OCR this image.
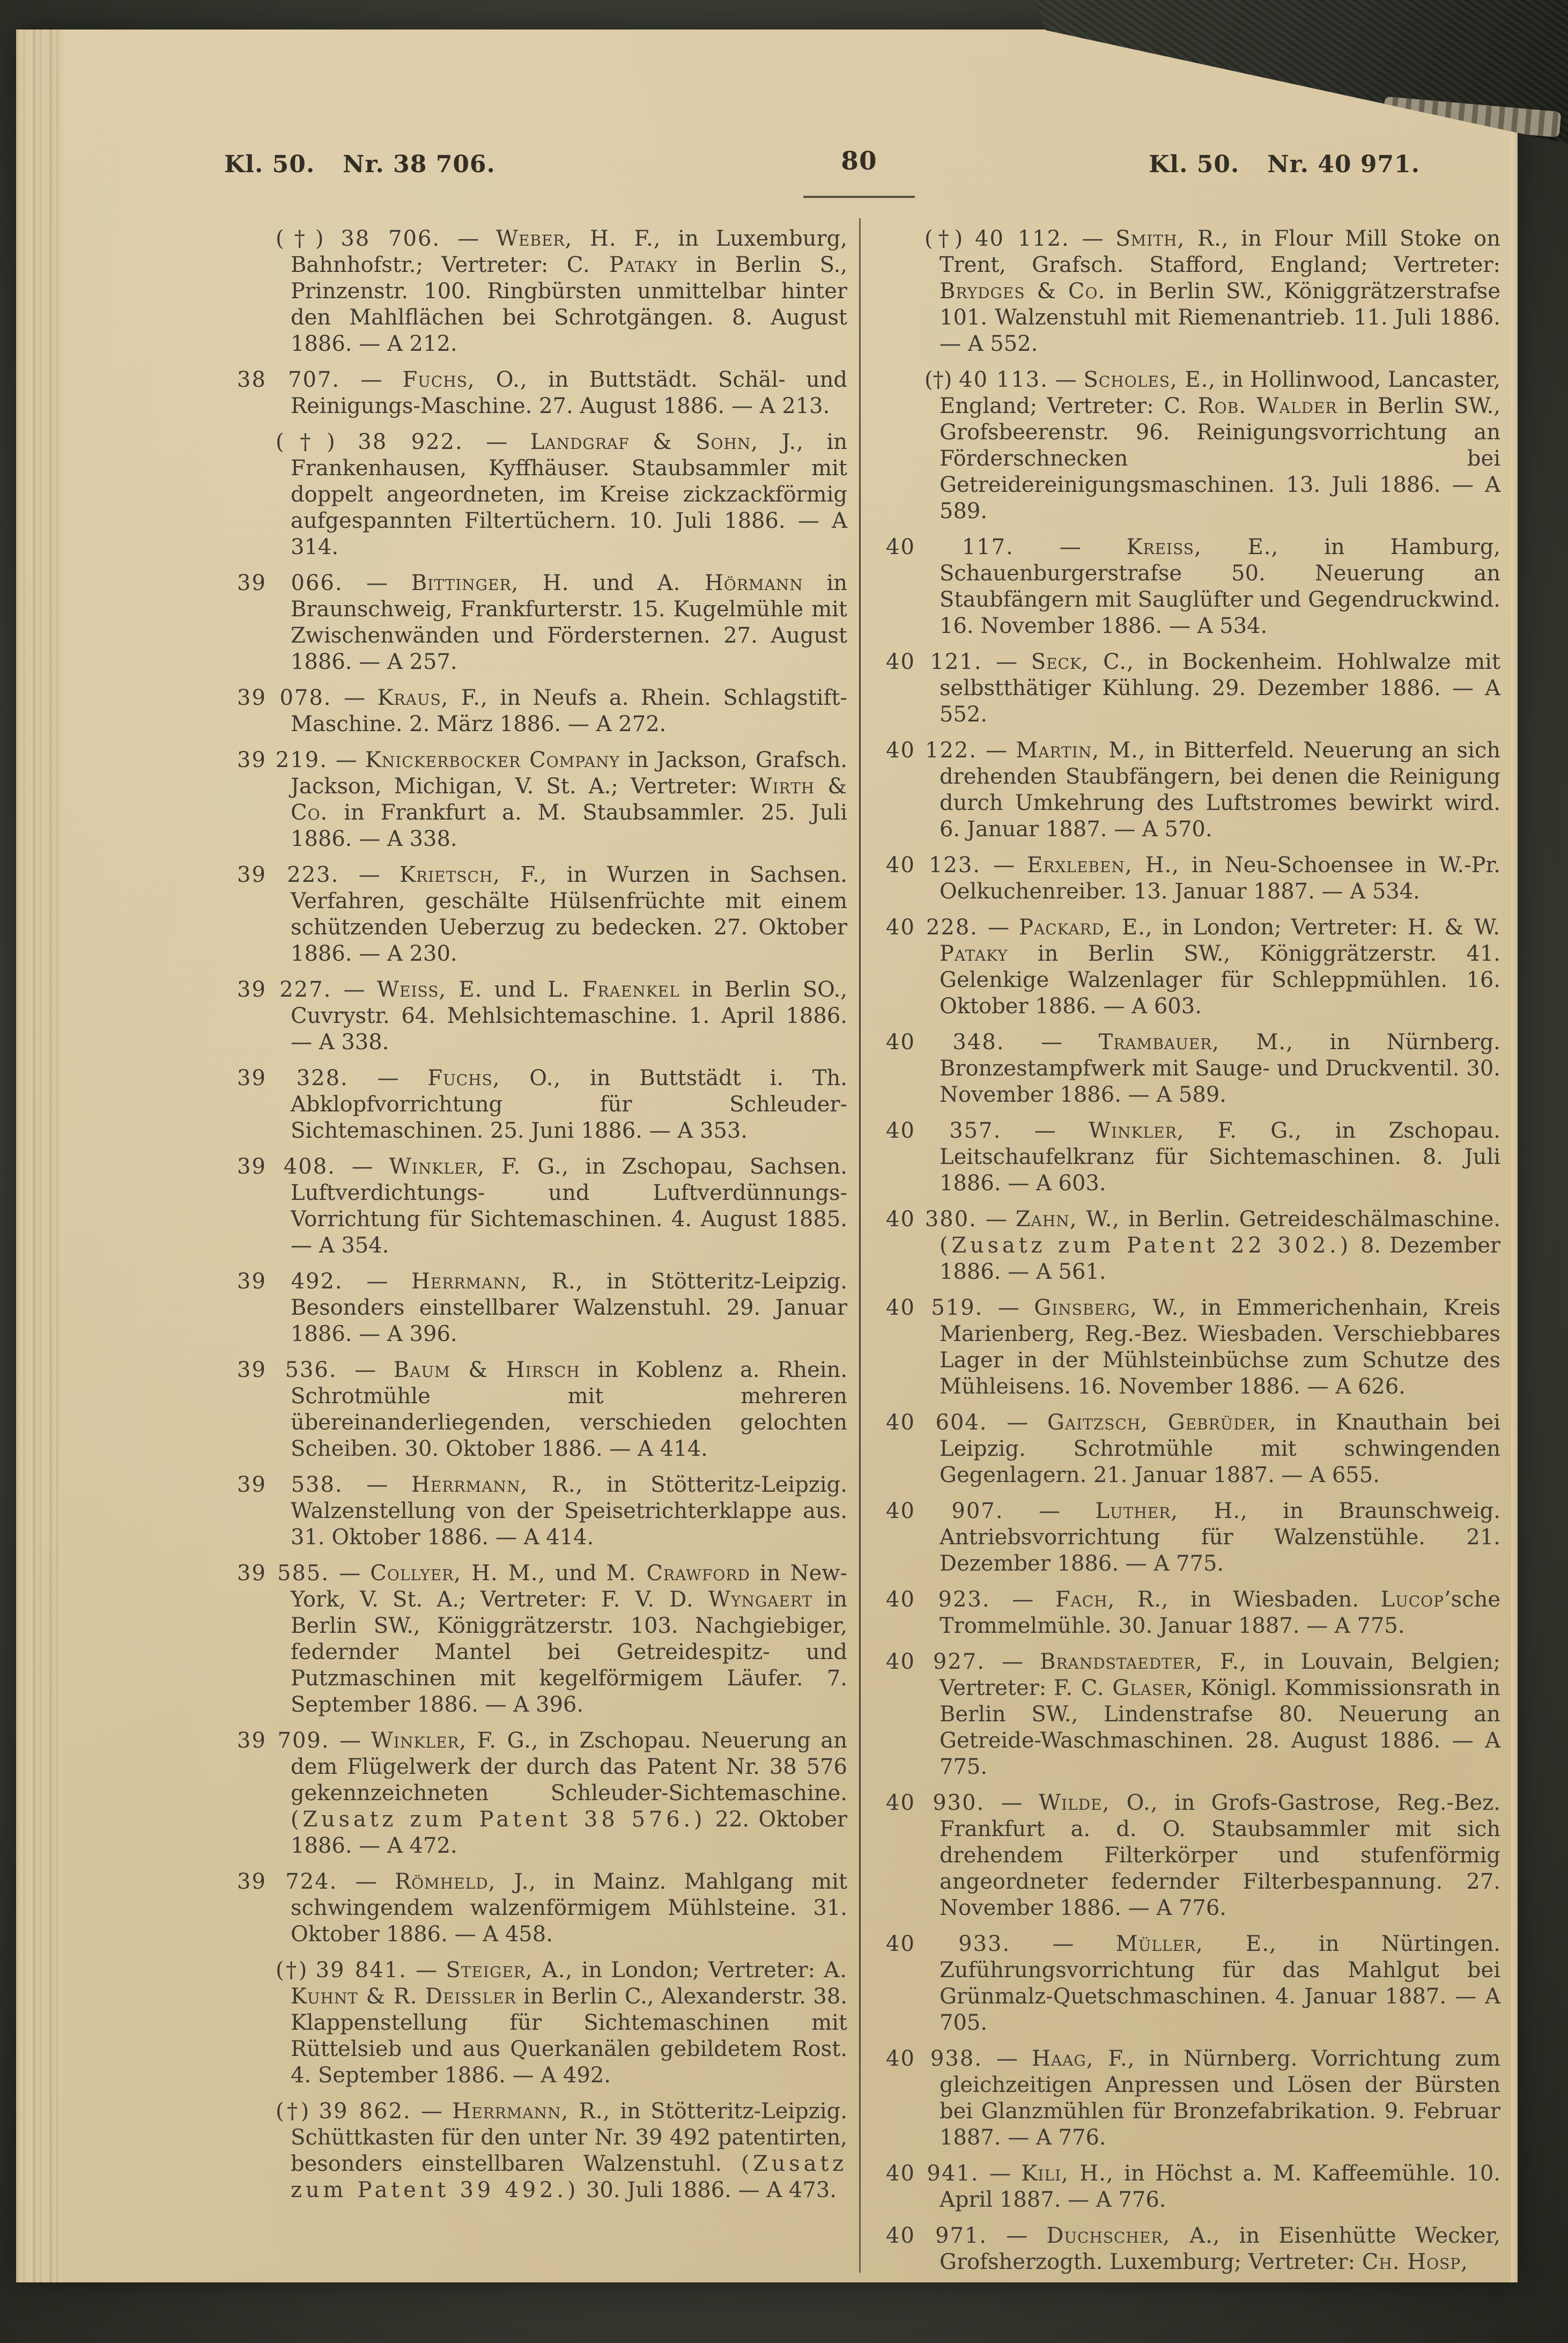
Kl. 50. Nr. 38 706.	80	Kl. 50. Nr. 40 971.

(†) 38 706. — Weber, H. F., in Luxemburg, Bahnhofstr.; Vertreter: C. Pataky in Berlin S., Prinzenstr. 100. Ringbürsten unmittelbar hinter den Mahlflächen bei Schrotgängen. 8. August 1886. — A 212.

38 707. — Fuchs, O., in Buttstädt. Schäl- und Reinigungs-Maschine. 27. August 1886. — A 213.

(†) 38 922. — Landgraf & Sohn, J., in Frankenhausen, Kyffhäuser. Staubsammler mit doppelt angeordneten, im Kreise zickzackförmig aufgespannten Filtertüchern. 10. Juli 1886. — A 314.

39 066. — Bittinger, H. und A. Hörmann in Braunschweig, Frankfurterstr. 15. Kugelmühle mit Zwischenwänden und Fördersternen. 27. August 1886. — A 257.

39 078. — Kraus, F., in Neufs a. Rhein. Schlagstift-Maschine. 2. März 1886. — A 272.

39 219. — Knickerbocker Company in Jackson, Grafsch. Jackson, Michigan, V. St. A.; Vertreter: Wirth & Co. in Frankfurt a. M. Staubsammler. 25. Juli 1886. — A 338.

39 223. — Krietsch, F., in Wurzen in Sachsen. Verfahren, geschälte Hülsenfrüchte mit einem schützenden Ueberzug zu bedecken. 27. Oktober 1886. — A 230.

39 227. — Weiss, E. und L. Fraenkel in Berlin SO., Cuvrystr. 64. Mehlsichtemaschine. 1. April 1886. — A 338.

39 328. — Fuchs, O., in Buttstädt i. Th. Abklopfvorrichtung für Schleuder-Sichtemaschinen. 25. Juni 1886. — A 353.

39 408. — Winkler, F. G., in Zschopau, Sachsen. Luftverdichtungs- und Luftverdünnungs-Vorrichtung für Sichtemaschinen. 4. August 1885. — A 354.

39 492. — Herrmann, R., in Stötteritz-Leipzig. Besonders einstellbarer Walzenstuhl. 29. Januar 1886. — A 396.

39 536. — Baum & Hirsch in Koblenz a. Rhein. Schrotmühle mit mehreren übereinanderliegenden, verschieden gelochten Scheiben. 30. Oktober 1886. — A 414.

39 538. — Herrmann, R., in Stötteritz-Leipzig. Walzenstellung von der Speisetrichterklappe aus. 31. Oktober 1886. — A 414.

39 585. — Collyer, H. M., und M. Crawford in New-York, V. St. A.; Vertreter: F. V. D. Wyngaert in Berlin SW., Königgrätzerstr. 103. Nachgiebiger, federnder Mantel bei Getreidespitz- und Putzmaschinen mit kegelförmigem Läufer. 7. September 1886. — A 396.

39 709. — Winkler, F. G., in Zschopau. Neuerung an dem Flügelwerk der durch das Patent Nr. 38 576 gekennzeichneten Schleuder-Sichtemaschine. (Zusatz zum Patent 38 576.) 22. Oktober 1886. — A 472.

39 724. — Römheld, J., in Mainz. Mahlgang mit schwingendem walzenförmigem Mühlsteine. 31. Oktober 1886. — A 458.

(†) 39 841. — Steiger, A., in London; Vertreter: A. Kuhnt & R. Deissler in Berlin C., Alexanderstr. 38. Klappenstellung für Sichtemaschinen mit Rüttelsieb und aus Querkanälen gebildetem Rost. 4. September 1886. — A 492.

(†) 39 862. — Herrmann, R., in Stötteritz-Leipzig. Schüttkasten für den unter Nr. 39 492 patentirten, besonders einstellbaren Walzenstuhl. (Zusatz zum Patent 39 492.) 30. Juli 1886. — A 473.

(†) 40 112. — Smith, R., in Flour Mill Stoke on Trent, Grafsch. Stafford, England; Vertreter: Brydges & Co. in Berlin SW., Königgrätzerstrafse 101. Walzenstuhl mit Riemenantrieb. 11. Juli 1886. — A 552.

(†) 40 113. — Scholes, E., in Hollinwood, Lancaster, England; Vertreter: C. Rob. Walder in Berlin SW., Grofsbeerenstr. 96. Reinigungsvorrichtung an Förderschnecken bei Getreidereinigungsmaschinen. 13. Juli 1886. — A 589.

40 117. — Kreiss, E., in Hamburg, Schauenburgerstrafse 50. Neuerung an Staubfängern mit Sauglüfter und Gegendruckwind. 16. November 1886. — A 534.

40 121. — Seck, C., in Bockenheim. Hohlwalze mit selbstthätiger Kühlung. 29. Dezember 1886. — A 552.

40 122. — Martin, M., in Bitterfeld. Neuerung an sich drehenden Staubfängern, bei denen die Reinigung durch Umkehrung des Luftstromes bewirkt wird. 6. Januar 1887. — A 570.

40 123. — Erxleben, H., in Neu-Schoensee in W.-Pr. Oelkuchenreiber. 13. Januar 1887. — A 534.

40 228. — Packard, E., in London; Vertreter: H. & W. Pataky in Berlin SW., Königgrätzerstr. 41. Gelenkige Walzenlager für Schleppmühlen. 16. Oktober 1886. — A 603.

40 348. — Trambauer, M., in Nürnberg. Bronzestampfwerk mit Sauge- und Druckventil. 30. November 1886. — A 589.

40 357. — Winkler, F. G., in Zschopau. Leitschaufelkranz für Sichtemaschinen. 8. Juli 1886. — A 603.

40 380. — Zahn, W., in Berlin. Getreideschälmaschine. (Zusatz zum Patent 22 302.) 8. Dezember 1886. — A 561.

40 519. — Ginsberg, W., in Emmerichenhain, Kreis Marienberg, Reg.-Bez. Wiesbaden. Verschiebbares Lager in der Mühlsteinbüchse zum Schutze des Mühleisens. 16. November 1886. — A 626.

40 604. — Gaitzsch, Gebrüder, in Knauthain bei Leipzig. Schrotmühle mit schwingenden Gegenlagern. 21. Januar 1887. — A 655.

40 907. — Luther, H., in Braunschweig. Antriebsvorrichtung für Walzenstühle. 21. Dezember 1886. — A 775.

40 923. — Fach, R., in Wiesbaden. Lucop’sche Trommelmühle. 30. Januar 1887. — A 775.

40 927. — Brandstaedter, F., in Louvain, Belgien; Vertreter: F. C. Glaser, Königl. Kommissionsrath in Berlin SW., Lindenstrafse 80. Neuerung an Getreide-Waschmaschinen. 28. August 1886. — A 775.

40 930. — Wilde, O., in Grofs-Gastrose, Reg.-Bez. Frankfurt a. d. O. Staubsammler mit sich drehendem Filterkörper und stufenförmig angeordneter federnder Filterbespannung. 27. November 1886. — A 776.

40 933. — Müller, E., in Nürtingen. Zuführungsvorrichtung für das Mahlgut bei Grünmalz-Quetschmaschinen. 4. Januar 1887. — A 705.

40 938. — Haag, F., in Nürnberg. Vorrichtung zum gleichzeitigen Anpressen und Lösen der Bürsten bei Glanzmühlen für Bronzefabrikation. 9. Februar 1887. — A 776.

40 941. — Kili, H., in Höchst a. M. Kaffeemühle. 10. April 1887. — A 776.

40 971. — Duchscher, A., in Eisenhütte Wecker, Grofsherzogth. Luxemburg; Vertreter: Ch. Hosp,
